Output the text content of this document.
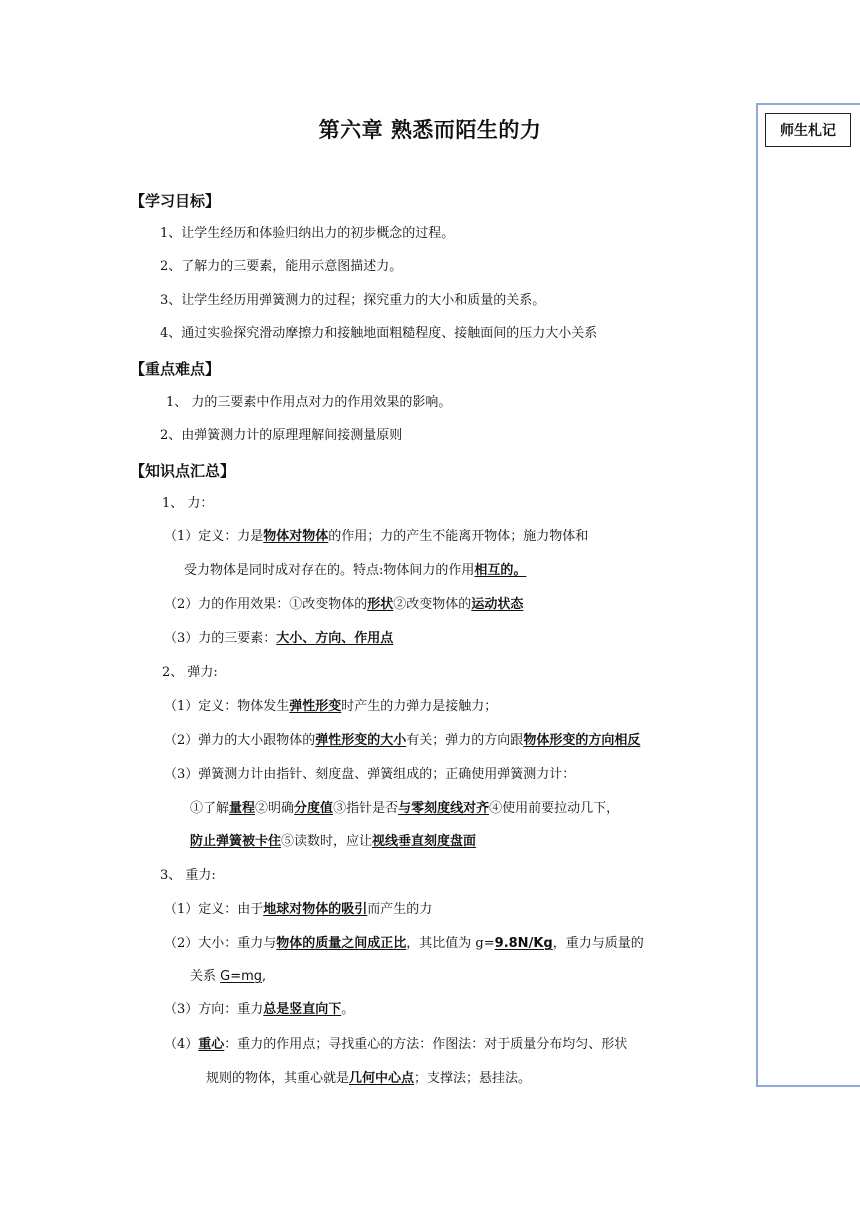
第六章 熟悉而陌生的力	师生札记
【学习目标】
1、让学生经历和体验归纳出力的初步概念的过程。
2、了解力的三要素，能用示意图描述力。
3、让学生经历用弹簧测力的过程；探究重力的大小和质量的关系。
4、通过实验探究滑动摩擦力和接触地面粗糙程度、接触面间的压力大小关系
【重点难点】
1、 力的三要素中作用点对力的作用效果的影响。
2、由弹簧测力计的原理理解间接测量原则
【知识点汇总】
1、 力：
（1）定义：力是物体对物体的作用；力的产生不能离开物体；施力物体和
受力物体是同时成对存在的。特点:物体间力的作用相互的。
（2）力的作用效果：①改变物体的形状②改变物体的运动状态
（3）力的三要素：大小、方向、作用点
2、 弹力:
（1）定义：物体发生弹性形变时产生的力弹力是接触力；
（2）弹力的大小跟物体的弹性形变的大小有关；弹力的方向跟物体形变的方向相反
（3）弹簧测力计由指针、刻度盘、弹簧组成的；正确使用弹簧测力计：
①了解量程②明确分度值③指针是否与零刻度线对齐④使用前要拉动几下，
防止弹簧被卡住⑤读数时，应让视线垂直刻度盘面
3、 重力:
（1）定义：由于地球对物体的吸引而产生的力
（2）大小：重力与物体的质量之间成正比，其比值为 g=9.8N/Kg，重力与质量的
关系 G=mg,
（3）方向：重力总是竖直向下。
（4）重心：重力的作用点；寻找重心的方法：作图法：对于质量分布均匀、形状
规则的物体，其重心就是几何中心点；支撑法；悬挂法。
